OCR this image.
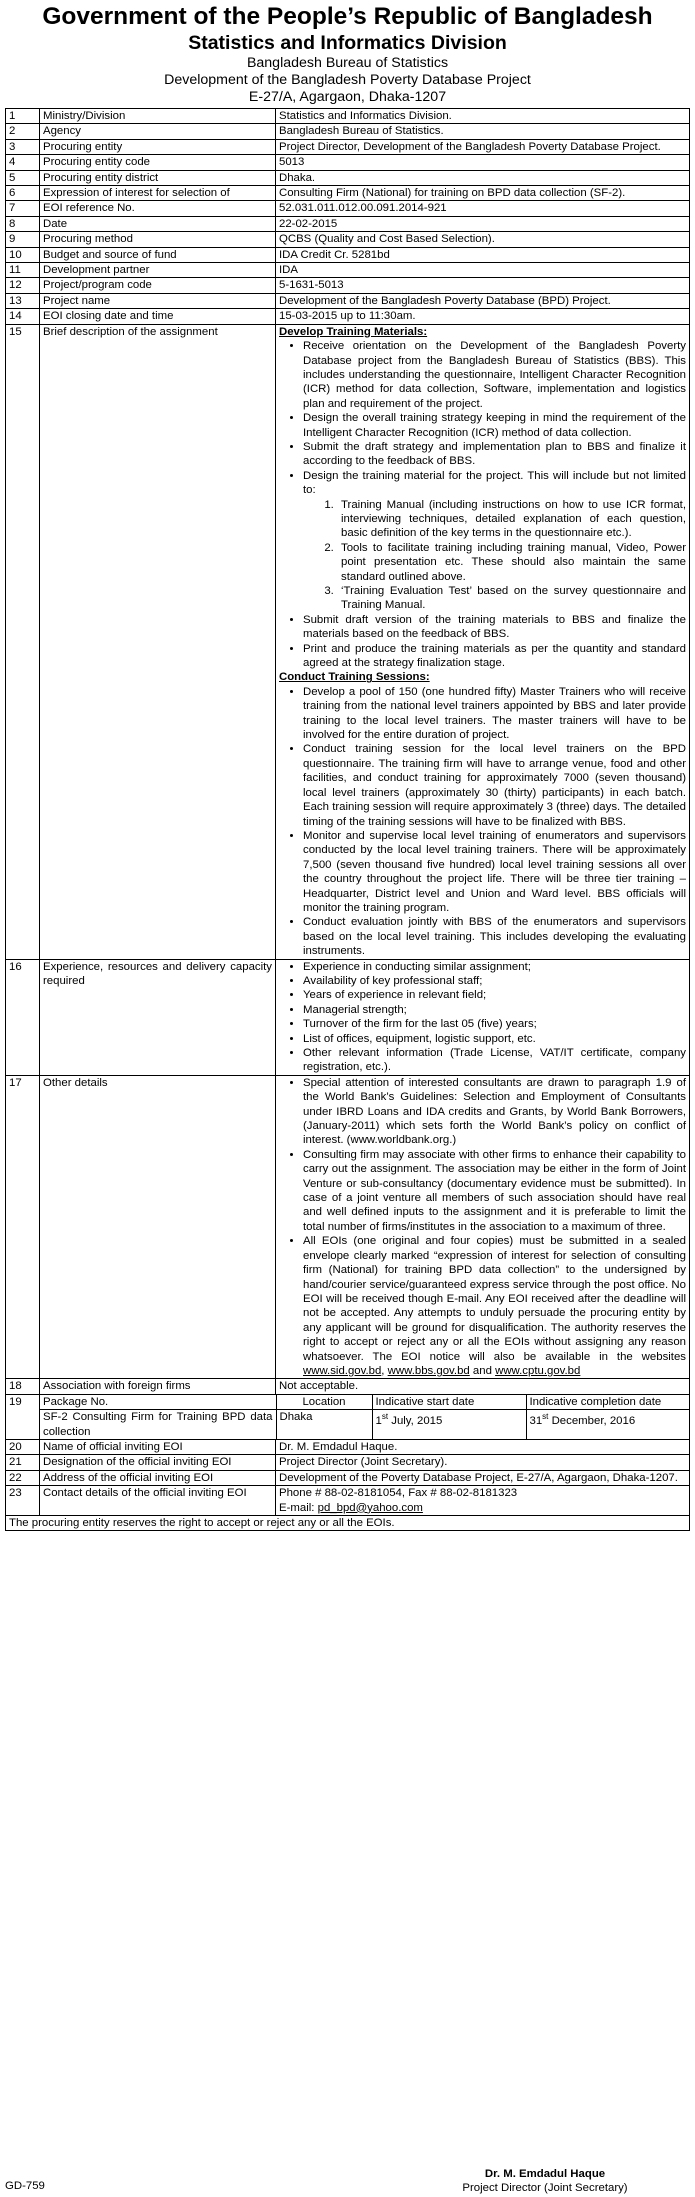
Government of the People’s Republic of Bangladesh
Statistics and Informatics Division
Bangladesh Bureau of Statistics
Development of the Bangladesh Poverty Database Project
E-27/A, Agargaon, Dhaka-1207
1	Ministry/Division	Statistics and Informatics Division.
2	Agency	Bangladesh Bureau of Statistics.
3	Procuring entity	Project Director, Development of the Bangladesh Poverty Database Project.
4	Procuring entity code	5013
5	Procuring entity district	Dhaka.
6	Expression of interest for selection of	Consulting Firm (National) for training on BPD data collection (SF-2).
7	EOI reference No.	52.031.011.012.00.091.2014-921
8	Date	22-02-2015
9	Procuring method	QCBS (Quality and Cost Based Selection).
10	Budget and source of fund	IDA Credit Cr. 5281bd
11	Development partner	IDA
12	Project/program code	5-1631-5013
13	Project name	Development of the Bangladesh Poverty Database (BPD) Project.
14	EOI closing date and time	15-03-2015 up to 11:30am.
15	Brief description of the assignment	Develop Training Materials:
• Receive orientation on the Development of the Bangladesh Poverty Database project from the Bangladesh Bureau of Statistics (BBS). This includes understanding the questionnaire, Intelligent Character Recognition (ICR) method for data collection, Software, implementation and logistics plan and requirement of the project.
• Design the overall training strategy keeping in mind the requirement of the Intelligent Character Recognition (ICR) method of data collection.
• Submit the draft strategy and implementation plan to BBS and finalize it according to the feedback of BBS.
• Design the training material for the project. This will include but not limited to:
1. Training Manual (including instructions on how to use ICR format, interviewing techniques, detailed explanation of each question, basic definition of the key terms in the questionnaire etc.).
2. Tools to facilitate training including training manual, Video, Power point presentation etc. These should also maintain the same standard outlined above.
3. ‘Training Evaluation Test’ based on the survey questionnaire and Training Manual.
• Submit draft version of the training materials to BBS and finalize the materials based on the feedback of BBS.
• Print and produce the training materials as per the quantity and standard agreed at the strategy finalization stage.
Conduct Training Sessions:
• Develop a pool of 150 (one hundred fifty) Master Trainers who will receive training from the national level trainers appointed by BBS and later provide training to the local level trainers. The master trainers will have to be involved for the entire duration of project.
• Conduct training session for the local level trainers on the BPD questionnaire. The training firm will have to arrange venue, food and other facilities, and conduct training for approximately 7000 (seven thousand) local level trainers (approximately 30 (thirty) participants) in each batch. Each training session will require approximately 3 (three) days. The detailed timing of the training sessions will have to be finalized with BBS.
• Monitor and supervise local level training of enumerators and supervisors conducted by the local level training trainers. There will be approximately 7,500 (seven thousand five hundred) local level training sessions all over the country throughout the project life. There will be three tier training – Headquarter, District level and Union and Ward level. BBS officials will monitor the training program.
• Conduct evaluation jointly with BBS of the enumerators and supervisors based on the local level training. This includes developing the evaluating instruments.

16	Experience, resources and delivery capacity required	
• Experience in conducting similar assignment;
• Availability of key professional staff;
• Years of experience in relevant field;
• Managerial strength;
• Turnover of the firm for the last 05 (five) years;
• List of offices, equipment, logistic support, etc.
• Other relevant information (Trade License, VAT/IT certificate, company registration, etc.).

17	Other details	
•Special attention of interested consultants are drawn to paragraph 1.9 of the World Bank’s Guidelines: Selection and Employment of Consultants under IBRD Loans and IDA credits and Grants, by World Bank Borrowers, (January-2011) which sets forth the World Bank’s policy on conflict of interest. (www.worldbank.org.)
• Consulting firm may associate with other firms to enhance their capability to carry out the assignment. The association may be either in the form of Joint Venture or sub-consultancy (documentary evidence must be submitted). In case of a joint venture all members of such association should have real and well defined inputs to the assignment and it is preferable to limit the total number of firms/institutes in the association to a maximum of three.
• All EOIs (one original and four copies) must be submitted in a sealed envelope clearly marked “expression of interest for selection of consulting firm (National) for training BPD data collection” to the undersigned by hand/courier service/guaranteed express service through the post office. No EOI will be received though E-mail. Any EOI received after the deadline will not be accepted. Any attempts to unduly persuade the procuring entity by any applicant will be ground for disqualification. The authority reserves the right to accept or reject any or all the EOIs without assigning any reason whatsoever. The EOI notice will also be available in the websites www.sid.gov.bd, www.bbs.gov.bd and www.cptu.gov.bd

18	Association with foreign firms	Not acceptable.
19	Package No.	Location	Indicative start date	Indicative completion date
SF-2 Consulting Firm for Training BPD data collection	Dhaka	1st July, 2015	31st December, 2016

20	Name of official inviting EOI	Dr. M. Emdadul Haque.
21	Designation of the official inviting EOI	Project Director (Joint Secretary).
22	Address of the official inviting EOI	Development of the Poverty Database Project, E-27/A, Agargaon, Dhaka-1207.
23	Contact details of the official inviting EOI	Phone # 88-02-8181054, Fax # 88-02-8181323
E-mail: pd_bpd@yahoo.com

The procuring entity reserves the right to accept or reject any or all the EOIs.
Dr. M. Emdadul Haque
Project Director (Joint Secretary)
GD-759
